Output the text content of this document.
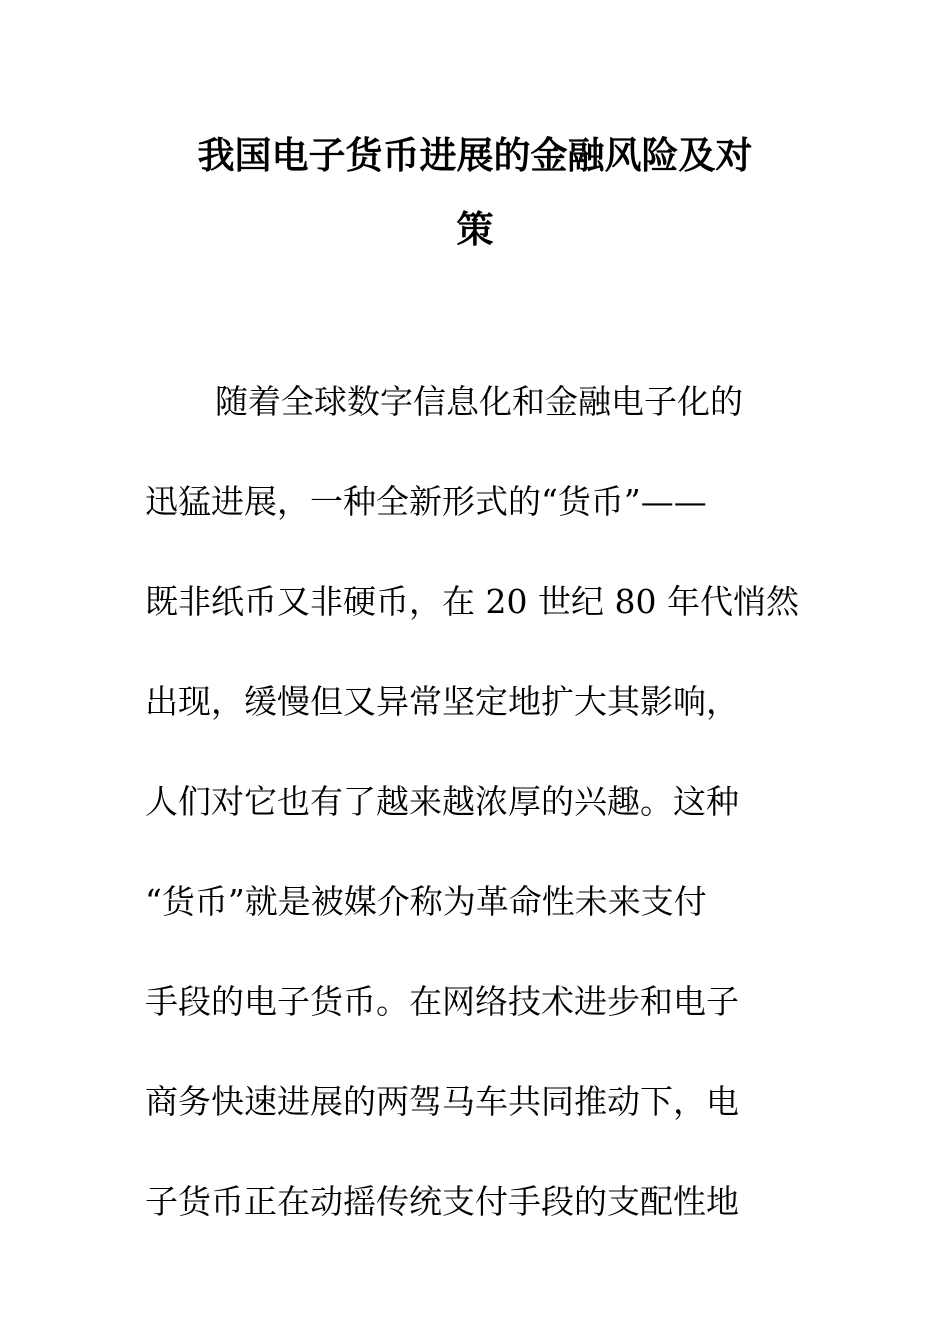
我国电子货币进展的金融风险及对
策
随着全球数字信息化和金融电子化的
迅猛进展，一种全新形式的“货币”——
既非纸币又非硬币，在 20 世纪 80 年代悄然
出现，缓慢但又异常坚定地扩大其影响，
人们对它也有了越来越浓厚的兴趣。这种
“货币”就是被媒介称为革命性未来支付
手段的电子货币。在网络技术进步和电子
商务快速进展的两驾马车共同推动下，电
子货币正在动摇传统支付手段的支配性地
